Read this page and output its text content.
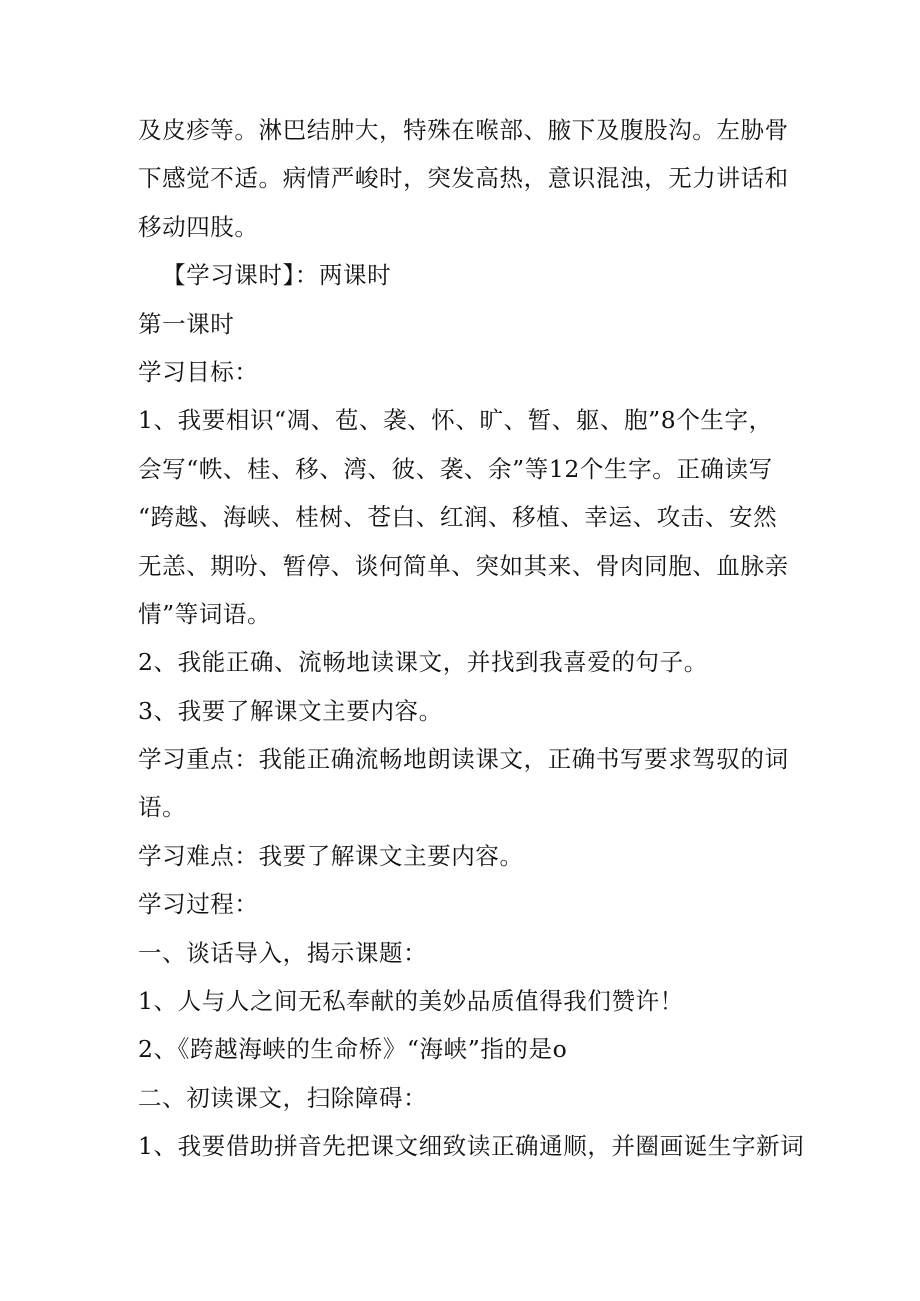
及皮疹等。淋巴结肿大，特殊在喉部、腋下及腹股沟。左胁骨
下感觉不适。病情严峻时，突发高热，意识混浊，无力讲话和
移动四肢。
【学习课时】：两课时
第一课时
学习目标：
1、我要相识“凋、苞、袭、怀、旷、暂、躯、胞”8个生字，
会写“帙、桂、移、湾、彼、袭、余”等12个生字。正确读写
“跨越、海峡、桂树、苍白、红润、移植、幸运、攻击、安然
无恙、期吩、暂停、谈何简单、突如其来、骨肉同胞、血脉亲
情”等词语。
2、我能正确、流畅地读课文，并找到我喜爱的句子。
3、我要了解课文主要内容。
学习重点：我能正确流畅地朗读课文，正确书写要求驾驭的词
语。
学习难点：我要了解课文主要内容。
学习过程：
一、谈话导入，揭示课题：
1、人与人之间无私奉献的美妙品质值得我们赞许！
2、《跨越海峡的生命桥》“海峡”指的是o
二、初读课文，扫除障碍：
1、我要借助拼音先把课文细致读正确通顺，并圈画诞生字新词
